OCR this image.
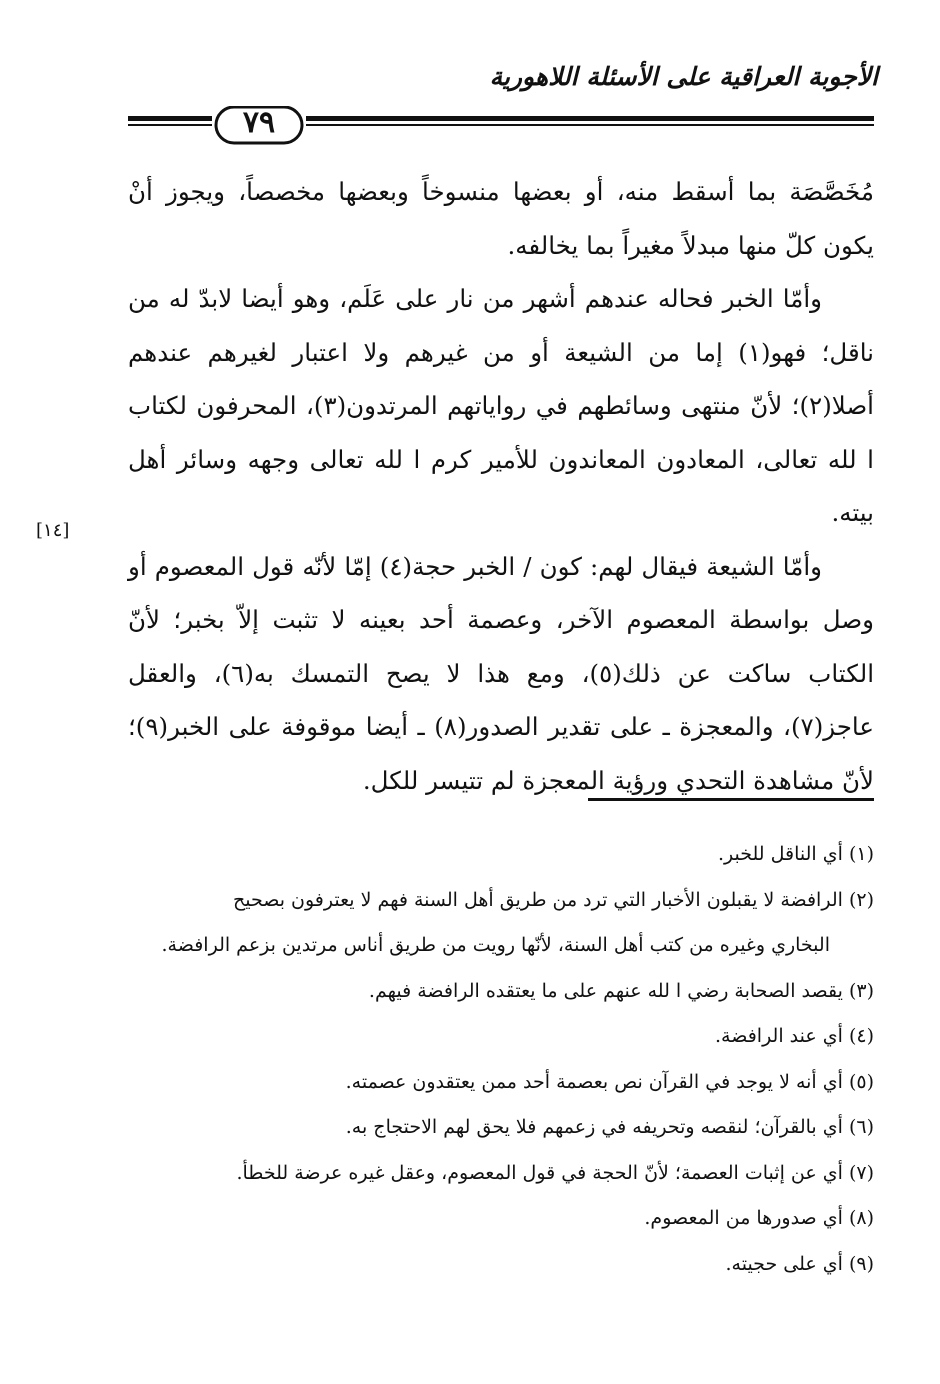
الأجوبة العراقية على الأسئلة اللاهورية
٧٩

مُخَصَّصَة بما أسقط منه، أو بعضها منسوخاً وبعضها مخصصاً، ويجوز أنْ يكون كلّ منها مبدلاً مغيراً بما يخالفه.

وأمّا الخبر فحاله عندهم أشهر من نار على عَلَم، وهو أيضا لابدّ له من ناقل؛ فهو(١) إما من الشيعة أو من غيرهم ولا اعتبار لغيرهم عندهم أصلا(٢)؛ لأنّ منتهى وسائطهم في رواياتهم المرتدون(٣)، المحرفون لكتاب ا لله تعالى، المعادون المعاندون للأمير كرم ا لله تعالى وجهه وسائر أهل بيته.

وأمّا الشيعة فيقال لهم: كون / الخبر حجة(٤) إمّا لأنّه قول المعصوم أو وصل بواسطة المعصوم الآخر، وعصمة أحد بعينه لا تثبت إلاّ بخبر؛ لأنّ الكتاب ساكت عن ذلك(٥)، ومع هذا لا يصح التمسك به(٦)، والعقل عاجز(٧)، والمعجزة ـ على تقدير الصدور(٨) ـ أيضا موقوفة على الخبر(٩)؛ لأنّ مشاهدة التحدي ورؤية المعجزة لم تتيسر للكل.

[١٤]

(١) أي الناقل للخبر.

(٢) الرافضة لا يقبلون الأخبار التي ترد من طريق أهل السنة فهم لا يعترفون بصحيح
البخاري وغيره من كتب أهل السنة، لأنّها رويت من طريق أناس مرتدين بزعم الرافضة.

(٣) يقصد الصحابة رضي ا لله عنهم على ما يعتقده الرافضة فيهم.

(٤) أي عند الرافضة.

(٥) أي أنه لا يوجد في القرآن نص بعصمة أحد ممن يعتقدون عصمته.

(٦) أي بالقرآن؛ لنقصه وتحريفه في زعمهم فلا يحق لهم الاحتجاج به.

(٧) أي عن إثبات العصمة؛ لأنّ الحجة في قول المعصوم، وعقل غيره عرضة للخطأ.

(٨) أي صدورها من المعصوم.

(٩) أي على حجيته.
